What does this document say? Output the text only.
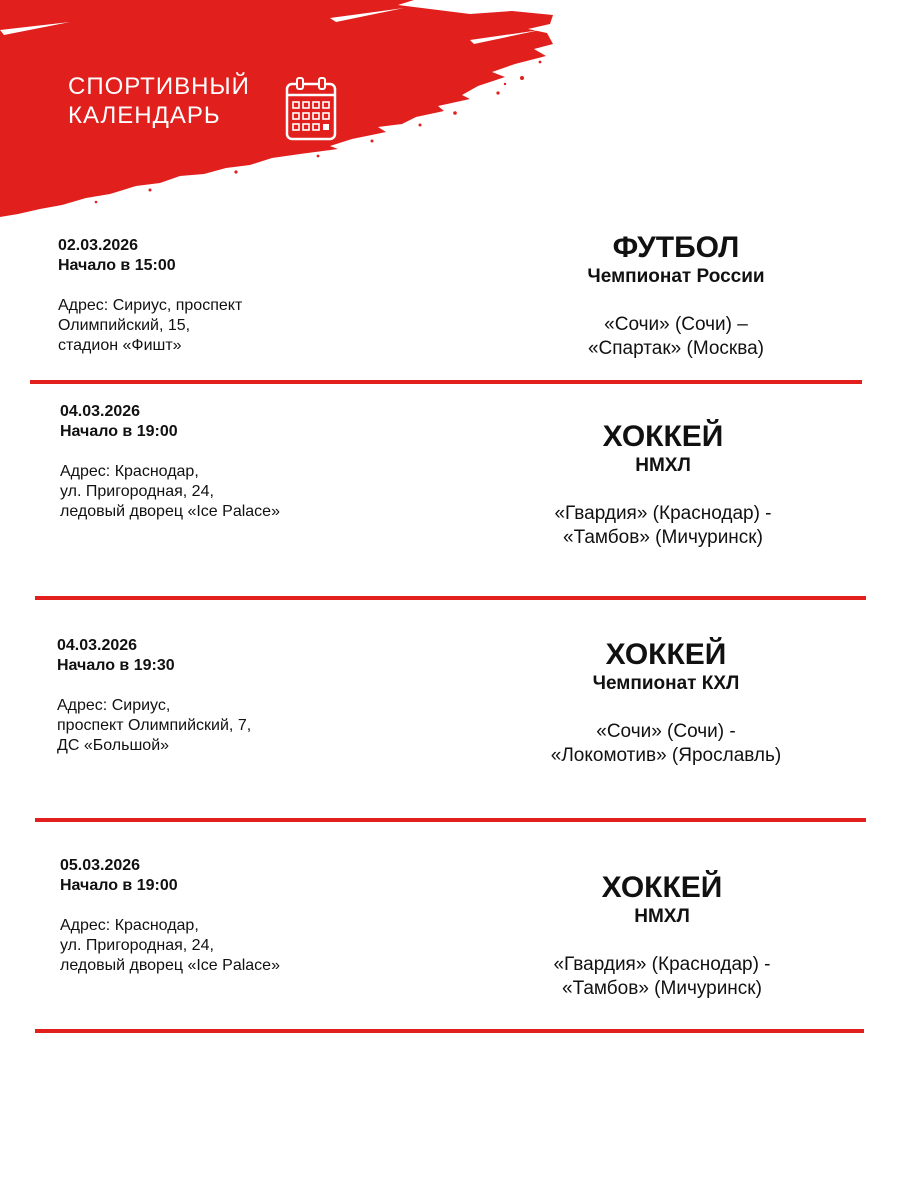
СПОРТИВНЫЙ
КАЛЕНДАРЬ
02.03.2026
Начало в 15:00
Адрес: Сириус, проспект
Олимпийский, 15,
стадион «Фишт»
ФУТБОЛ
Чемпионат России
«Сочи» (Сочи) –
«Спартак» (Москва)
04.03.2026
Начало в 19:00
Адрес: Краснодар,
ул. Пригородная, 24,
ледовый дворец «Ice Palace»
ХОККЕЙ
НМХЛ
«Гвардия» (Краснодар) -
«Тамбов» (Мичуринск)
04.03.2026
Начало в 19:30
Адрес: Сириус,
проспект Олимпийский, 7,
ДС «Большой»
ХОККЕЙ
Чемпионат КХЛ
«Сочи» (Сочи) -
«Локомотив» (Ярославль)
05.03.2026
Начало в 19:00
Адрес: Краснодар,
ул. Пригородная, 24,
ледовый дворец «Ice Palace»
ХОККЕЙ
НМХЛ
«Гвардия» (Краснодар) -
«Тамбов» (Мичуринск)
